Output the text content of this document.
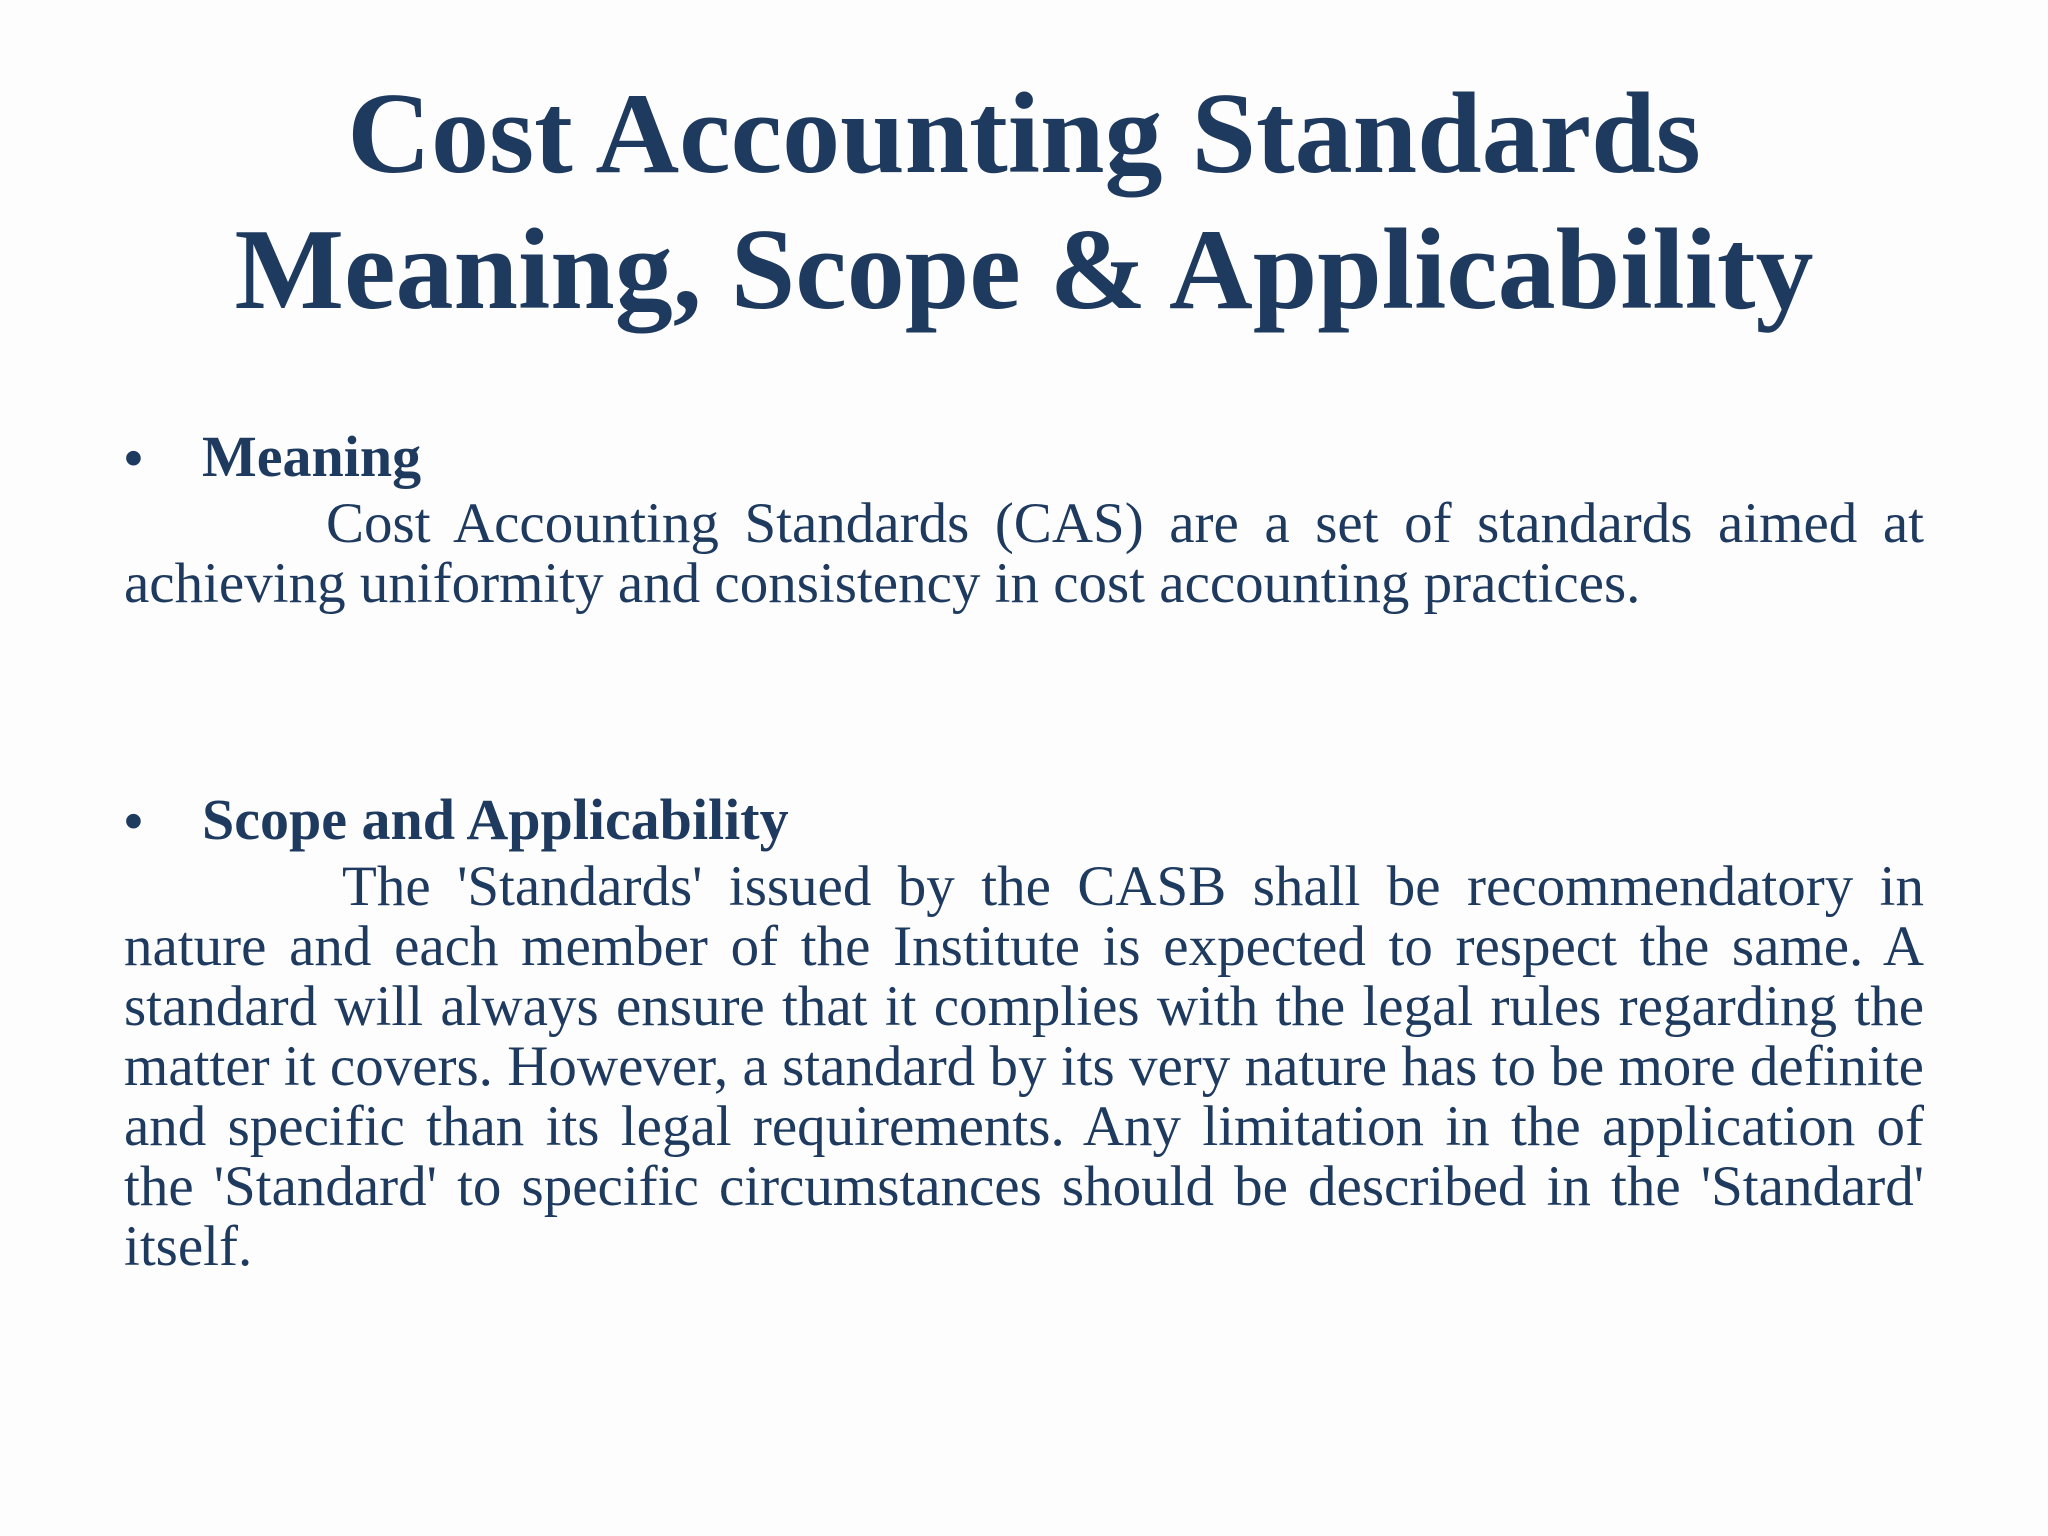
Cost Accounting Standards
Meaning, Scope & Applicability
•	Meaning

Cost Accounting Standards (CAS) are a set of standards aimed at achieving uniformity and consistency in cost accounting practices.

•	Scope and Applicability

The 'Standards' issued by the CASB shall be recommendatory in nature and each member of the Institute is expected to respect the same. A standard will always ensure that it complies with the legal rules regarding the matter it covers. However, a standard by its very nature has to be more definite and specific than its legal requirements. Any limitation in the application of the 'Standard' to specific circumstances should be described in the 'Standard' itself.
